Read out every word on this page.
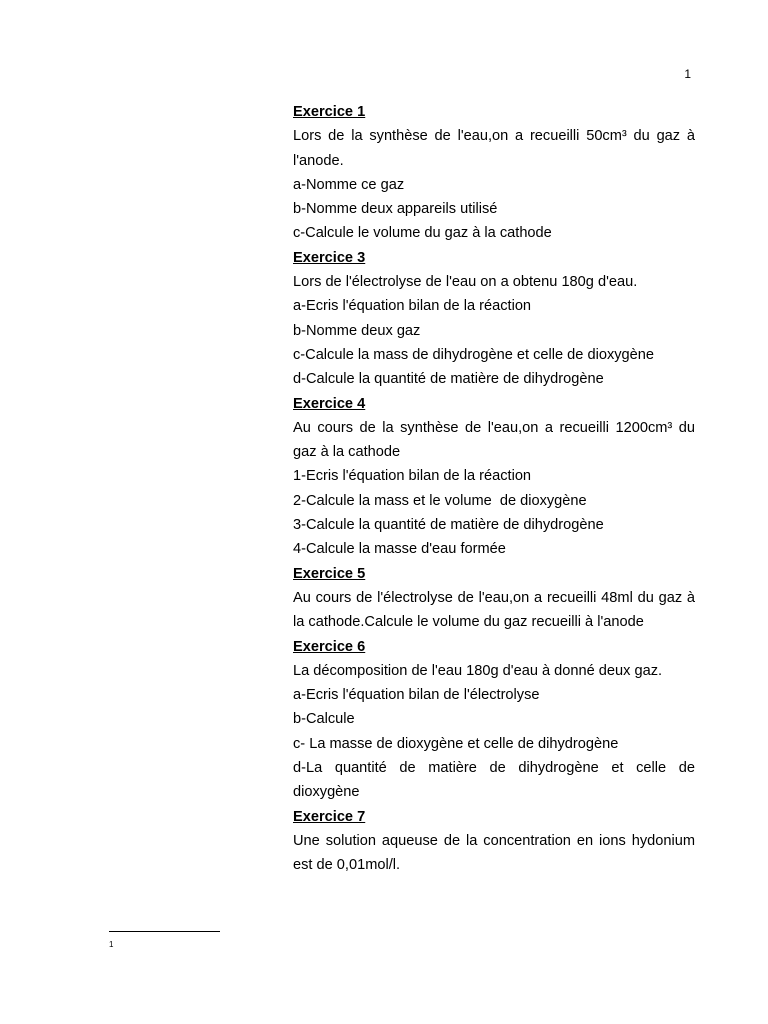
1

Exercice 1

Lors de la synthèse de l'eau,on a recueilli 50cm³ du gaz à l'anode.

a-Nomme ce gaz

b-Nomme deux appareils utilisé

c-Calcule le volume du gaz à la cathode

Exercice 3

Lors de l'électrolyse de l'eau on a obtenu 180g d'eau.

a-Ecris l'équation bilan de la réaction

b-Nomme deux gaz

c-Calcule la mass de dihydrogène et celle de dioxygène

d-Calcule la quantité de matière de dihydrogène

Exercice 4

Au cours de la synthèse de l'eau,on a recueilli 1200cm³ du gaz à la cathode

1-Ecris l'équation bilan de la réaction

2-Calcule la mass et le volume  de dioxygène

3-Calcule la quantité de matière de dihydrogène

4-Calcule la masse d'eau formée

Exercice 5

Au cours de l'électrolyse de l'eau,on a recueilli 48ml du gaz à la cathode.Calcule le volume du gaz recueilli à l'anode

Exercice 6

La décomposition de l'eau 180g d'eau à donné deux gaz.

a-Ecris l'équation bilan de l'électrolyse

b-Calcule

c- La masse de dioxygène et celle de dihydrogène

d-La quantité de matière de dihydrogène et celle de dioxygène

Exercice 7

Une solution aqueuse de la concentration en ions hydonium est de 0,01mol/l.

1
